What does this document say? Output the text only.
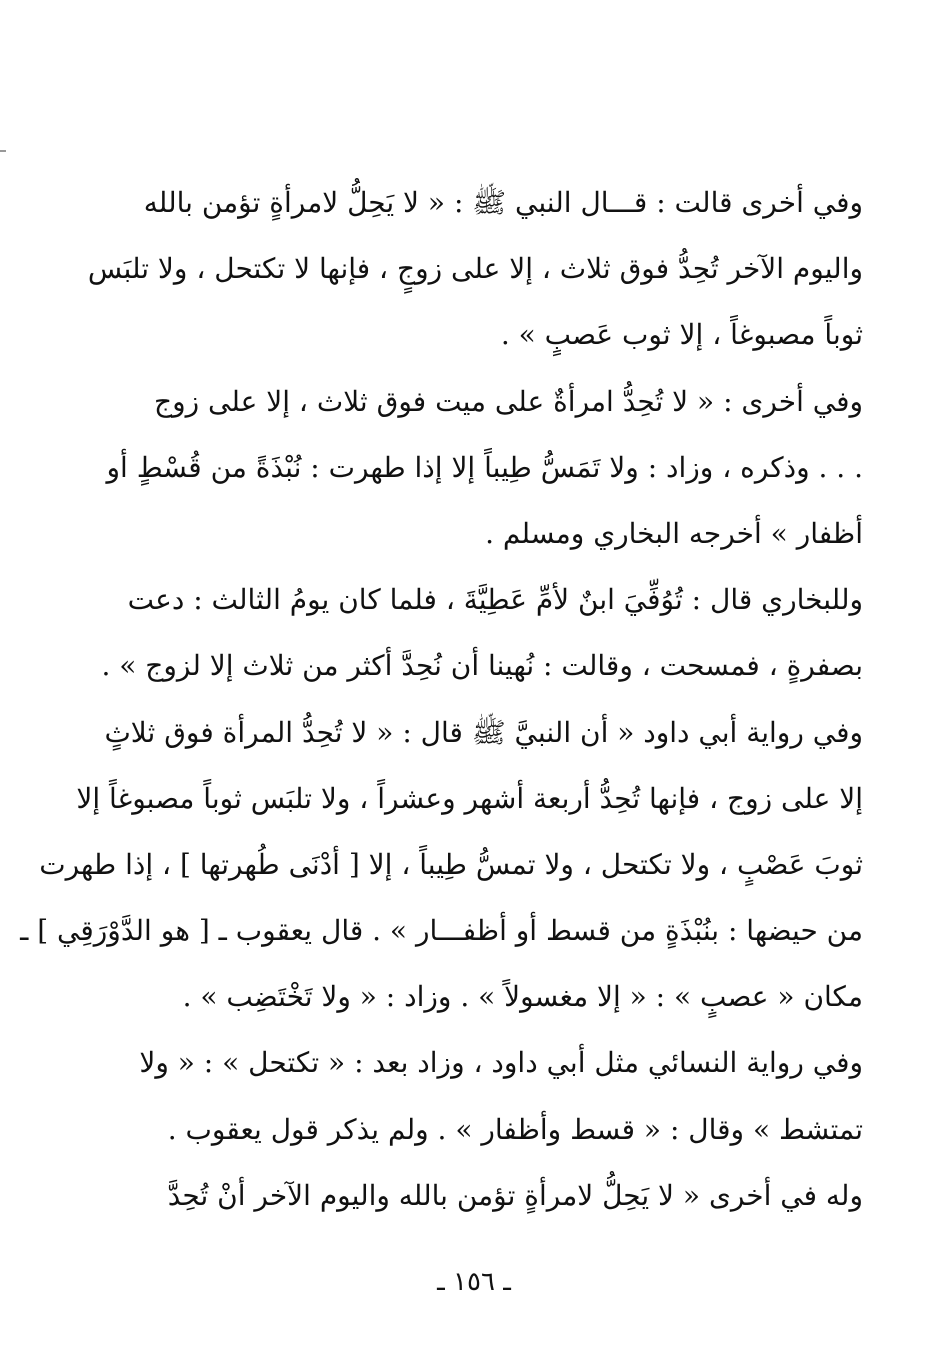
وفي أخرى قالت : قـــال النبي ﷺ : « لا يَحِلُّ لامرأةٍ تؤمن بالله
واليوم الآخر تُحِدُّ فوق ثلاث ، إلا على زوجٍ ، فإنها لا تكتحل ، ولا تلبَس
ثوباً مصبوغاً ، إلا ثوب عَصبٍ » .
وفي أخرى : « لا تُحِدُّ امرأةٌ على ميت فوق ثلاث ، إلا على زوج
. . . وذكره ، وزاد : ولا تَمَسُّ طِيباً إلا إذا طهرت : نُبْذَةً من قُسْطٍ أو
أظفار » أخرجه البخاري ومسلم .
وللبخاري قال : تُوُفِّيَ ابنٌ لأمِّ عَطِيَّةَ ، فلما كان يومُ الثالث : دعت
بصفرةٍ ، فمسحت ، وقالت : نُهينا أن نُحِدَّ أكثر من ثلاث إلا لزوج » .
وفي رواية أبي داود « أن النبيَّ ﷺ قال : « لا تُحِدُّ المرأة فوق ثلاثٍ
إلا على زوج ، فإنها تُحِدُّ أربعة أشهر وعشراً ، ولا تلبَس ثوباً مصبوغاً إلا
ثوبَ عَصْبٍ ، ولا تكتحل ، ولا تمسُّ طِيباً ، إلا [ أدْنَى طُهرتها ] ، إذا طهرت
من حيضها : بنُبْذَةٍ من قسط أو أظفـــار » . قال يعقوب ـ [ هو الدَّوْرَقِي ] ـ
مكان « عصبٍ » : « إلا مغسولاً » . وزاد : « ولا تَخْتَضِب » .
وفي رواية النسائي مثل أبي داود ، وزاد بعد : « تكتحل » : « ولا
تمتشط » وقال : « قسط وأظفار » . ولم يذكر قول يعقوب .
وله في أخرى « لا يَحِلُّ لامرأةٍ تؤمن بالله واليوم الآخر أنْ تُحِدَّ
ـ ١٥٦ ـ
